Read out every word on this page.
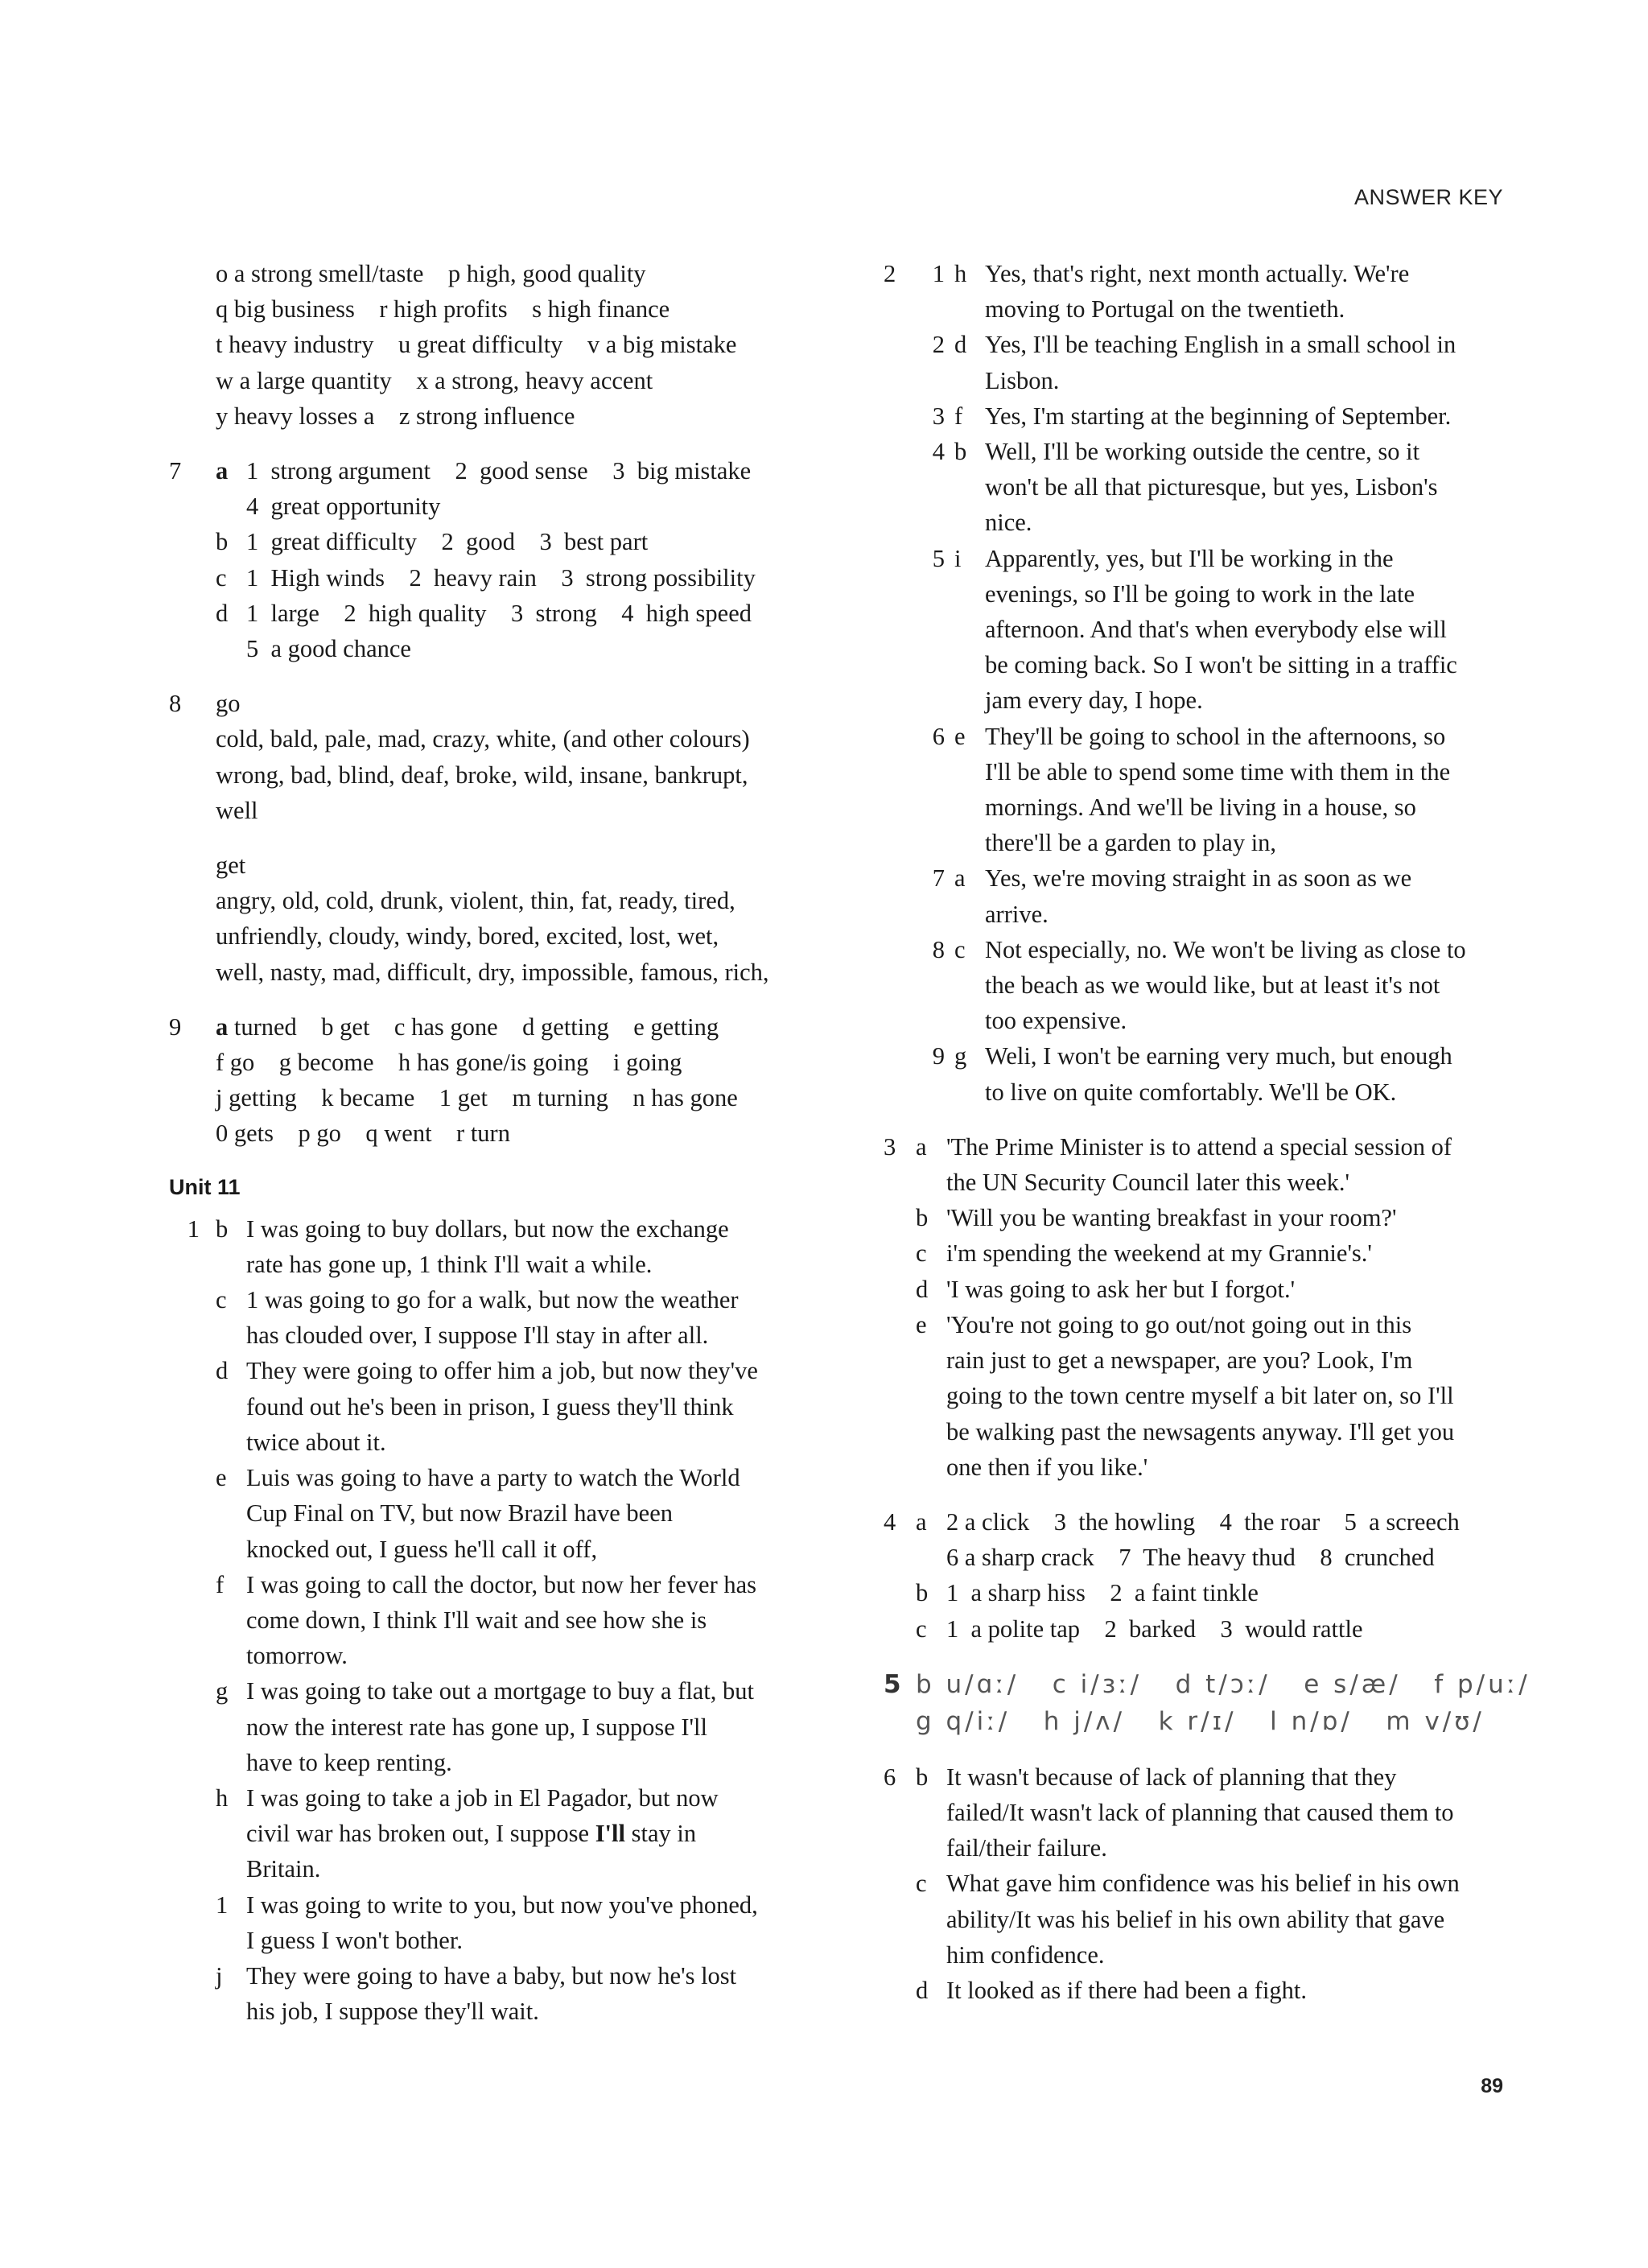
ANSWER KEY
o a strong smell/taste    p high, good quality
q big business    r high profits    s high finance
t heavy industry    u great difficulty    v a big mistake
w a large quantity    x a strong, heavy accent
y heavy losses a    z strong influence
7	a 1  strong argument    2  good sense    3  big mistake
4  great opportunity
b 1  great difficulty    2  good    3  best part
c 1  High winds    2  heavy rain    3  strong possibility
d 1  large    2  high quality    3  strong    4  high speed
5  a good chance
8	go
cold, bald, pale, mad, crazy, white, (and other colours)
wrong, bad, blind, deaf, broke, wild, insane, bankrupt,
well
get
angry, old, cold, drunk, violent, thin, fat, ready, tired,
unfriendly, cloudy, windy, bored, excited, lost, wet,
well, nasty, mad, difficult, dry, impossible, famous, rich,
9	a turned    b get    c has gone    d getting    e getting
f go    g become    h has gone/is going    i going
j getting    k became    1 get    m turning    n has gone
0 gets    p go    q went    r turn
Unit 11
1 b I was going to buy dollars, but now the exchange
rate has gone up, 1 think I'll wait a while.
c 1 was going to go for a walk, but now the weather
has clouded over, I suppose I'll stay in after all.
d They were going to offer him a job, but now they've
found out he's been in prison, I guess they'll think
twice about it.
e Luis was going to have a party to watch the World
Cup Final on TV, but now Brazil have been
knocked out, I guess he'll call it off,
f I was going to call the doctor, but now her fever has
come down, I think I'll wait and see how she is
tomorrow.
g I was going to take out a mortgage to buy a flat, but
now the interest rate has gone up, I suppose I'll
have to keep renting.
h I was going to take a job in El Pagador, but now
civil war has broken out, I suppose I'll stay in
Britain.
1 I was going to write to you, but now you've phoned,
I guess I won't bother.
j They were going to have a baby, but now he's lost
his job, I suppose they'll wait.
2	1 h Yes, that's right, next month actually. We're
moving to Portugal on the twentieth.
2 d Yes, I'll be teaching English in a small school in
Lisbon.
3 f Yes, I'm starting at the beginning of September.
4 b Well, I'll be working outside the centre, so it
won't be all that picturesque, but yes, Lisbon's
nice.
5 i Apparently, yes, but I'll be working in the
evenings, so I'll be going to work in the late
afternoon. And that's when everybody else will
be coming back. So I won't be sitting in a traffic
jam every day, I hope.
6 e They'll be going to school in the afternoons, so
I'll be able to spend some time with them in the
mornings. And we'll be living in a house, so
there'll be a garden to play in,
7 a Yes, we're moving straight in as soon as we
arrive.
8 c Not especially, no. We won't be living as close to
the beach as we would like, but at least it's not
too expensive.
9 g Weli, I won't be earning very much, but enough
to live on quite comfortably. We'll be OK.
3 a 'The Prime Minister is to attend a special session of
the UN Security Council later this week.'
b 'Will you be wanting breakfast in your room?'
c i'm spending the weekend at my Grannie's.'
d 'I was going to ask her but I forgot.'
e 'You're not going to go out/not going out in this
rain just to get a newspaper, are you? Look, I'm
going to the town centre myself a bit later on, so I'll
be walking past the newsagents anyway. I'll get you
one then if you like.'
4 a 2 a click    3  the howling    4  the roar    5  a screech
6 a sharp crack    7  The heavy thud    8  crunched
b 1  a sharp hiss    2  a faint tinkle
c 1  a polite tap    2  barked    3  would rattle
5 b u/ɑː/   c i/ɜː/   d t/ɔː/   e s/æ/   f p/uː/
g q/iː/   h j/ʌ/   k r/ɪ/   l n/ɒ/   m v/ʊ/
6 b It wasn't because of lack of planning that they
failed/It wasn't lack of planning that caused them to
fail/their failure.
c What gave him confidence was his belief in his own
ability/It was his belief in his own ability that gave
him confidence.
d It looked as if there had been a fight.
89
